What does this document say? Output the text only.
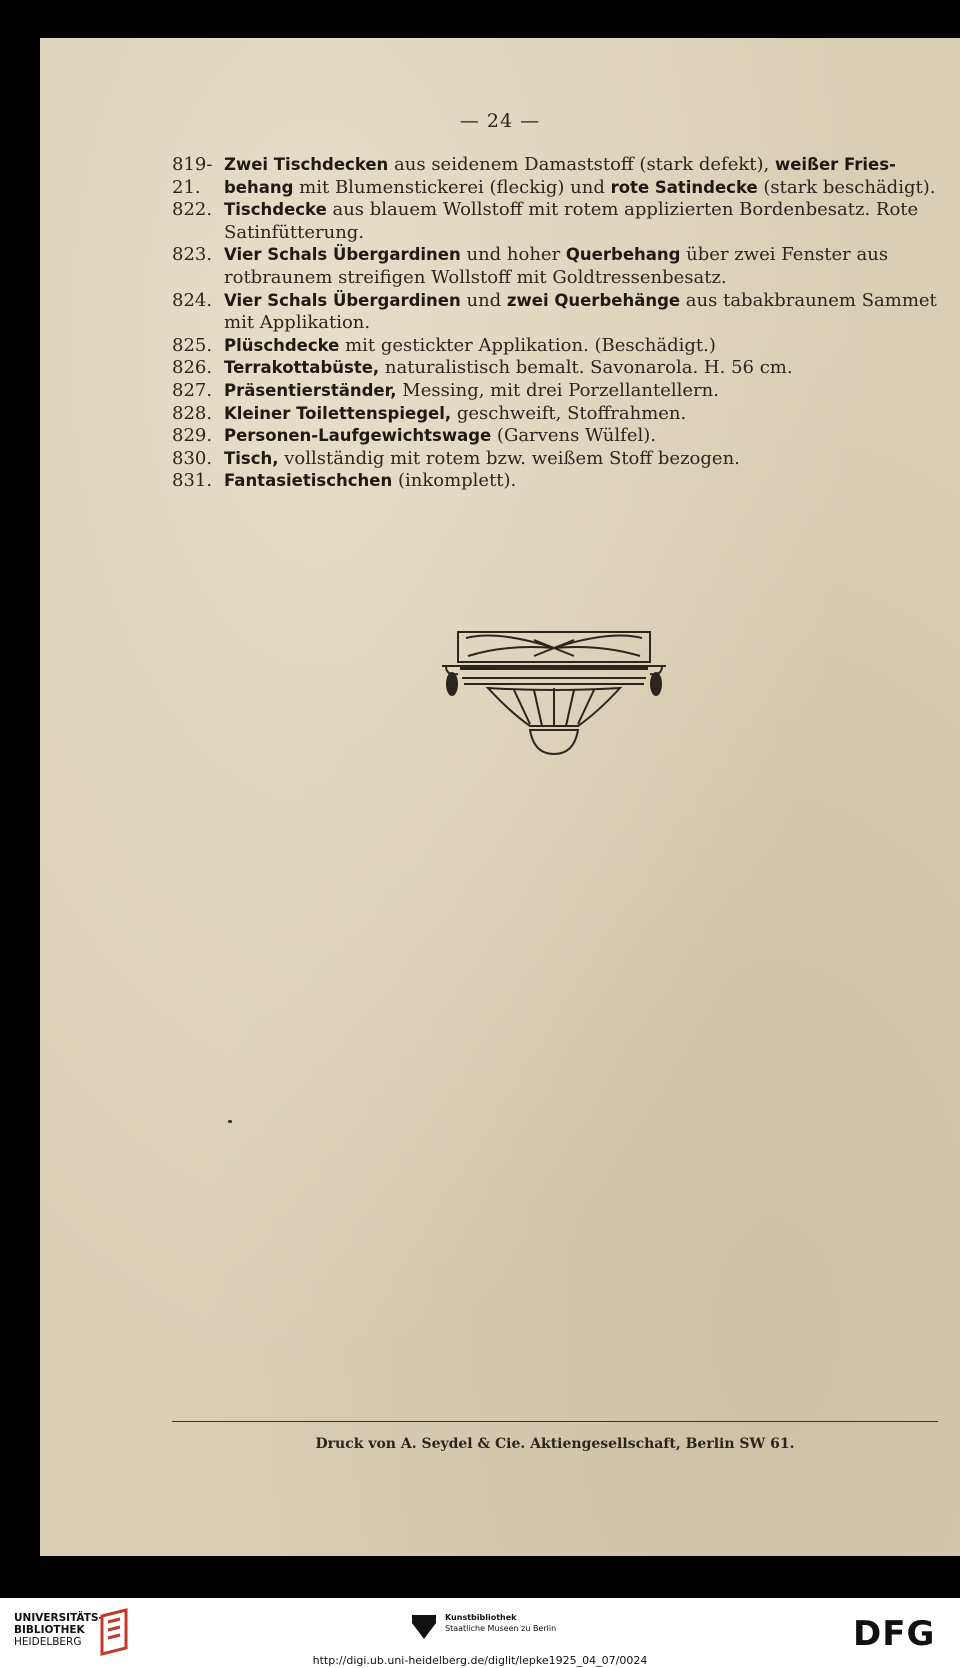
— 24 —
819-21.
Zwei Tischdecken aus seidenem Damaststoff (stark defekt), weißer Friesbehang mit Blumenstickerei (fleckig) und rote Satindecke (stark beschädigt).
822. Tischdecke aus blauem Wollstoff mit rotem applizierten Bordenbesatz. Rote Satinfütterung.
823. Vier Schals Übergardinen und hoher Querbehang über zwei Fenster aus rotbraunem streifigen Wollstoff mit Goldtressenbesatz.
824. Vier Schals Übergardinen und zwei Querbehänge aus tabakbraunem Sammet mit Applikation.
825. Plüschdecke mit gestickter Applikation. (Beschädigt.)
826. Terrakottabüste, naturalistisch bemalt. Savonarola. H. 56 cm.
827. Präsentierständer, Messing, mit drei Porzellantellern.
828. Kleiner Toilettenspiegel, geschweift, Stoffrahmen.
829. Personen-Laufgewichtswage (Garvens Wülfel).
830. Tisch, vollständig mit rotem bzw. weißem Stoff bezogen.
831. Fantasietischchen (inkomplett).
Druck von A. Seydel & Cie. Aktiengesellschaft, Berlin SW 61.
UNIVERSITÄTS-
BIBLIOTHEK
HEIDELBERG
Kunstbibliothek
Staatliche Museen zu Berlin	DFG
http://digi.ub.uni-heidelberg.de/diglit/lepke1925_04_07/0024
